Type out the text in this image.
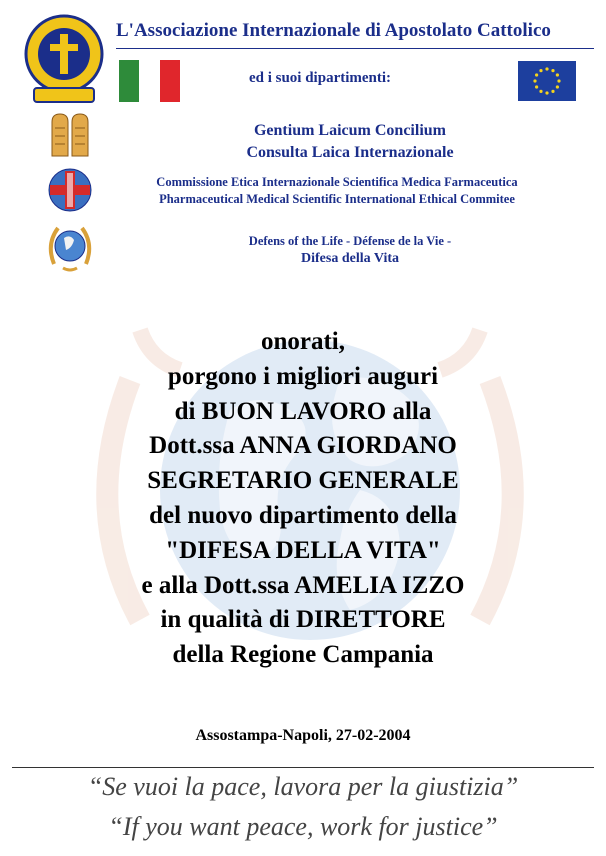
L'Associazione Internazionale di Apostolato Cattolico
ed i suoi dipartimenti:
Gentium Laicum Concilium
Consulta Laica Internazionale
Commissione Etica Internazionale Scientifica Medica Farmaceutica
Pharmaceutical Medical Scientific International Ethical Commitee
Defens of the Life - Défense de la Vie -
Difesa della Vita
onorati,
porgono i migliori auguri
di BUON LAVORO alla
Dott.ssa ANNA GIORDANO
SEGRETARIO GENERALE
del nuovo dipartimento della
"DIFESA DELLA VITA"
e alla Dott.ssa AMELIA IZZO
in qualità di DIRETTORE
della Regione Campania
Assostampa-Napoli, 27-02-2004
“Se vuoi la pace, lavora per la giustizia”
“If you want peace, work for justice”
